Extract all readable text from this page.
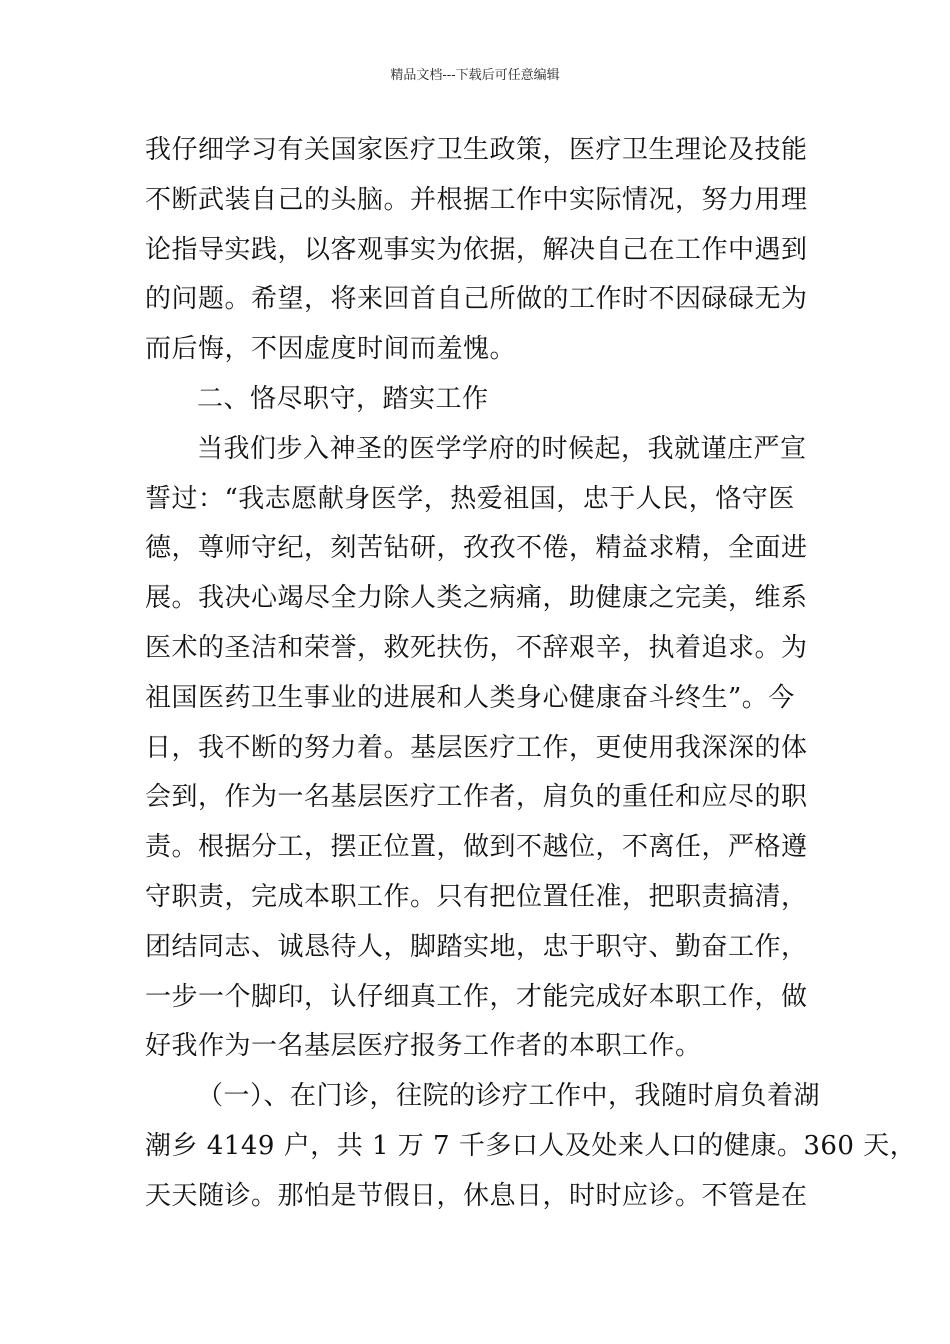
精品文档---下载后可任意编辑
我仔细学习有关国家医疗卫生政策，医疗卫生理论及技能
不断武装自己的头脑。并根据工作中实际情况，努力用理
论指导实践，以客观事实为依据，解决自己在工作中遇到
的问题。希望，将来回首自己所做的工作时不因碌碌无为
而后悔，不因虚度时间而羞愧。
二、恪尽职守，踏实工作
当我们步入神圣的医学学府的时候起，我就谨庄严宣
誓过：“我志愿献身医学，热爱祖国，忠于人民，恪守医
德，尊师守纪，刻苦钻研，孜孜不倦，精益求精，全面进
展。我决心竭尽全力除人类之病痛，助健康之完美，维系
医术的圣洁和荣誉，救死扶伤，不辞艰辛，执着追求。为
祖国医药卫生事业的进展和人类身心健康奋斗终生”。今
日，我不断的努力着。基层医疗工作，更使用我深深的体
会到，作为一名基层医疗工作者，肩负的重任和应尽的职
责。根据分工，摆正位置，做到不越位，不离任，严格遵
守职责，完成本职工作。只有把位置任准，把职责搞清，
团结同志、诚恳待人，脚踏实地，忠于职守、勤奋工作，
一步一个脚印，认仔细真工作，才能完成好本职工作，做
好我作为一名基层医疗报务工作者的本职工作。
（一）、在门诊，往院的诊疗工作中，我随时肩负着湖
潮乡 4149 户，共 1 万 7 千多口人及处来人口的健康。360 天，
天天随诊。那怕是节假日，休息日，时时应诊。不管是在
